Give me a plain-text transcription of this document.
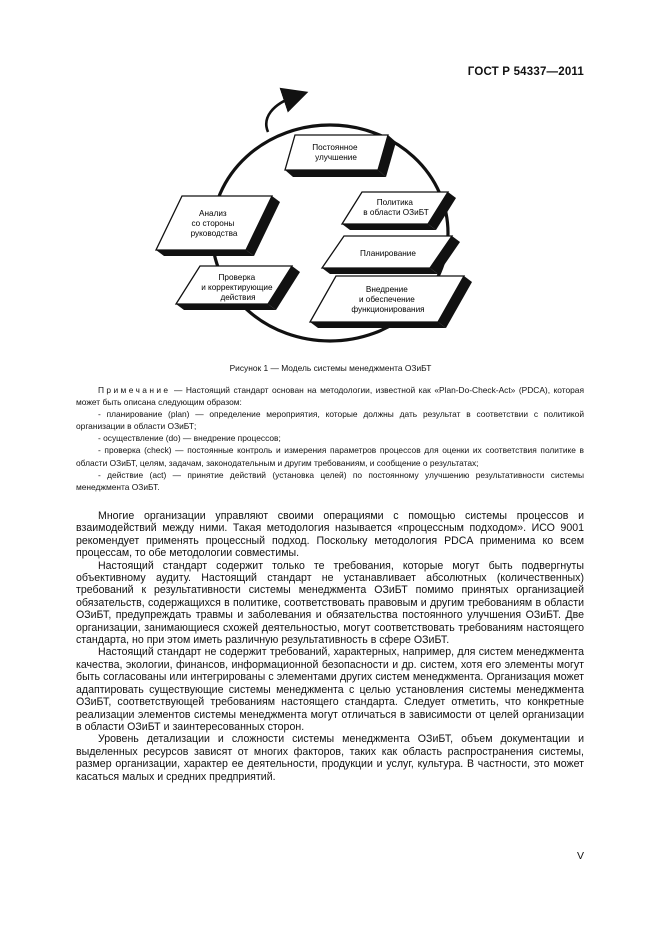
ГОСТ Р 54337—2011
Постоянное улучшение
Анализ со стороны руководства
Проверка и корректирующие действия
Политика в области ОЗиБТ
Планирование
Внедрение и обеспечение функционирования
Рисунок 1 — Модель системы менеджмента ОЗиБТ

Примечание — Настоящий стандарт основан на методологии, известной как «Plan-Do-Check-Act» (PDCA), которая может быть описана следующим образом:

- планирование (plan) — определение мероприятия, которые должны дать результат в соответствии с политикой организации в области ОЗиБТ;

- осуществление (do) — внедрение процессов;

- проверка (check) — постоянные контроль и измерения параметров процессов для оценки их соответствия политике в области ОЗиБТ, целям, задачам, законодательным и другим требованиям, и сообщение о результатах;

- действие (act) — принятие действий (установка целей) по постоянному улучшению результативности системы менеджмента ОЗиБТ.

Многие организации управляют своими операциями с помощью системы процессов и взаимодействий между ними. Такая методология называется «процессным подходом». ИСО 9001 рекомендует применять процессный подход. Поскольку методология PDCA применима ко всем процессам, то обе методологии совместимы.

Настоящий стандарт содержит только те требования, которые могут быть подвергнуты объективному аудиту. Настоящий стандарт не устанавливает абсолютных (количественных) требований к результативности системы менеджмента ОЗиБТ помимо принятых организацией обязательств, содержащихся в политике, соответствовать правовым и другим требованиям в области ОЗиБТ, предупреждать травмы и заболевания и обязательства постоянного улучшения ОЗиБТ. Две организации, занимающиеся схожей деятельностью, могут соответствовать требованиям настоящего стандарта, но при этом иметь различную результативность в сфере ОЗиБТ.

Настоящий стандарт не содержит требований, характерных, например, для систем менеджмента качества, экологии, финансов, информационной безопасности и др. систем, хотя его элементы могут быть согласованы или интегрированы с элементами других систем менеджмента. Организация может адаптировать существующие системы менеджмента с целью установления системы менеджмента ОЗиБТ, соответствующей требованиям настоящего стандарта. Следует отметить, что конкретные реализации элементов системы менеджмента могут отличаться в зависимости от целей организации в области ОЗиБТ и заинтересованных сторон.

Уровень детализации и сложности системы менеджмента ОЗиБТ, объем документации и выделенных ресурсов зависят от многих факторов, таких как область распространения системы, размер организации, характер ее деятельности, продукции и услуг, культура. В частности, это может касаться малых и средних предприятий.

V
